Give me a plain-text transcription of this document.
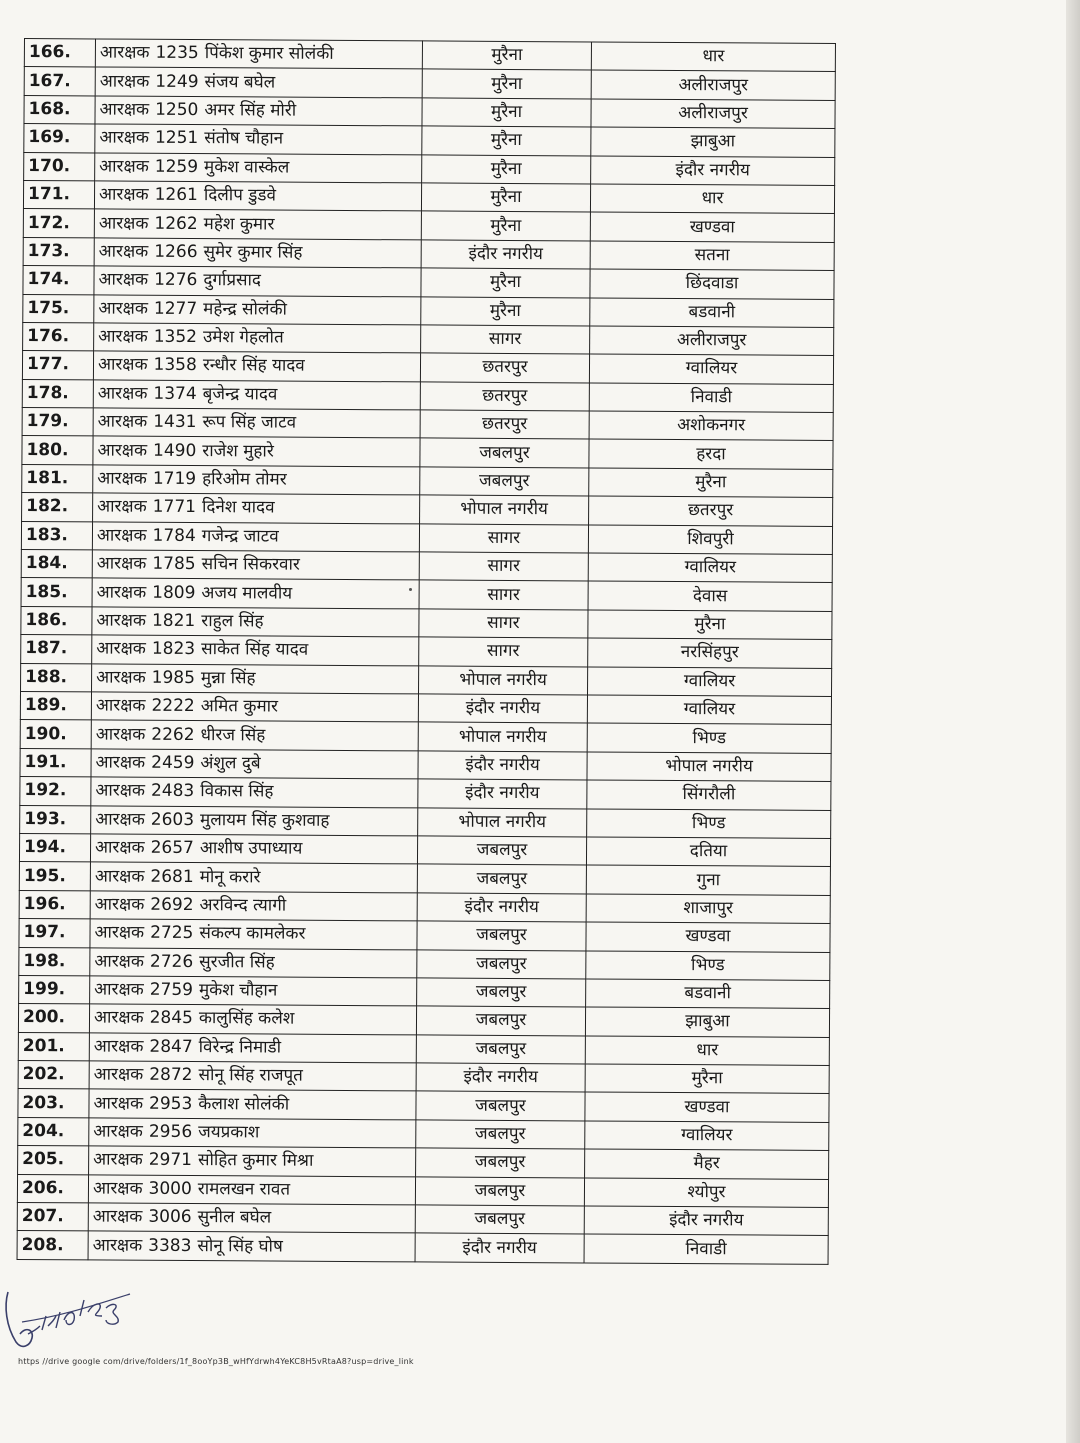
166.	आरक्षक 1235 पिंकेश कुमार सोलंकी	मुरैना	धार
167.	आरक्षक 1249 संजय बघेल	मुरैना	अलीराजपुर
168.	आरक्षक 1250 अमर सिंह मोरी	मुरैना	अलीराजपुर
169.	आरक्षक 1251 संतोष चौहान	मुरैना	झाबुआ
170.	आरक्षक 1259 मुकेश वास्केल	मुरैना	इंदौर नगरीय
171.	आरक्षक 1261 दिलीप डुडवे	मुरैना	धार
172.	आरक्षक 1262 महेश कुमार	मुरैना	खण्डवा
173.	आरक्षक 1266 सुमेर कुमार सिंह	इंदौर नगरीय	सतना
174.	आरक्षक 1276 दुर्गाप्रसाद	मुरैना	छिंदवाडा
175.	आरक्षक 1277 महेन्द्र सोलंकी	मुरैना	बडवानी
176.	आरक्षक 1352 उमेश गेहलोत	सागर	अलीराजपुर
177.	आरक्षक 1358 रन्धौर सिंह यादव	छतरपुर	ग्वालियर
178.	आरक्षक 1374 बृजेन्द्र यादव	छतरपुर	निवाडी
179.	आरक्षक 1431 रूप सिंह जाटव	छतरपुर	अशोकनगर
180.	आरक्षक 1490 राजेश मुहारे	जबलपुर	हरदा
181.	आरक्षक 1719 हरिओम तोमर	जबलपुर	मुरैना
182.	आरक्षक 1771 दिनेश यादव	भोपाल नगरीय	छतरपुर
183.	आरक्षक 1784 गजेन्द्र जाटव	सागर	शिवपुरी
184.	आरक्षक 1785 सचिन सिकरवार	सागर	ग्वालियर
185.	आरक्षक 1809 अजय मालवीय	सागर	देवास
186.	आरक्षक 1821 राहुल सिंह	सागर	मुरैना
187.	आरक्षक 1823 साकेत सिंह यादव	सागर	नरसिंहपुर
188.	आरक्षक 1985 मुन्ना सिंह	भोपाल नगरीय	ग्वालियर
189.	आरक्षक 2222 अमित कुमार	इंदौर नगरीय	ग्वालियर
190.	आरक्षक 2262 धीरज सिंह	भोपाल नगरीय	भिण्ड
191.	आरक्षक 2459 अंशुल दुबे	इंदौर नगरीय	भोपाल नगरीय
192.	आरक्षक 2483 विकास सिंह	इंदौर नगरीय	सिंगरौली
193.	आरक्षक 2603 मुलायम सिंह कुशवाह	भोपाल नगरीय	भिण्ड
194.	आरक्षक 2657 आशीष उपाध्याय	जबलपुर	दतिया
195.	आरक्षक 2681 मोनू करारे	जबलपुर	गुना
196.	आरक्षक 2692 अरविन्द त्यागी	इंदौर नगरीय	शाजापुर
197.	आरक्षक 2725 संकल्प कामलेकर	जबलपुर	खण्डवा
198.	आरक्षक 2726 सुरजीत सिंह	जबलपुर	भिण्ड
199.	आरक्षक 2759 मुकेश चौहान	जबलपुर	बडवानी
200.	आरक्षक 2845 कालुसिंह कलेश	जबलपुर	झाबुआ
201.	आरक्षक 2847 विरेन्द्र निमाडी	जबलपुर	धार
202.	आरक्षक 2872 सोनू सिंह राजपूत	इंदौर नगरीय	मुरैना
203.	आरक्षक 2953 कैलाश सोलंकी	जबलपुर	खण्डवा
204.	आरक्षक 2956 जयप्रकाश	जबलपुर	ग्वालियर
205.	आरक्षक 2971 सोहित कुमार मिश्रा	जबलपुर	मैहर
206.	आरक्षक 3000 रामलखन रावत	जबलपुर	श्योपुर
207.	आरक्षक 3006 सुनील बघेल	जबलपुर	इंदौर नगरीय
208.	आरक्षक 3383 सोनू सिंह घोष	इंदौर नगरीय	निवाडी
https //drive google com/drive/folders/1f_8ooYp3B_wHfYdrwh4YeKC8H5vRtaA8?usp=drive_link
